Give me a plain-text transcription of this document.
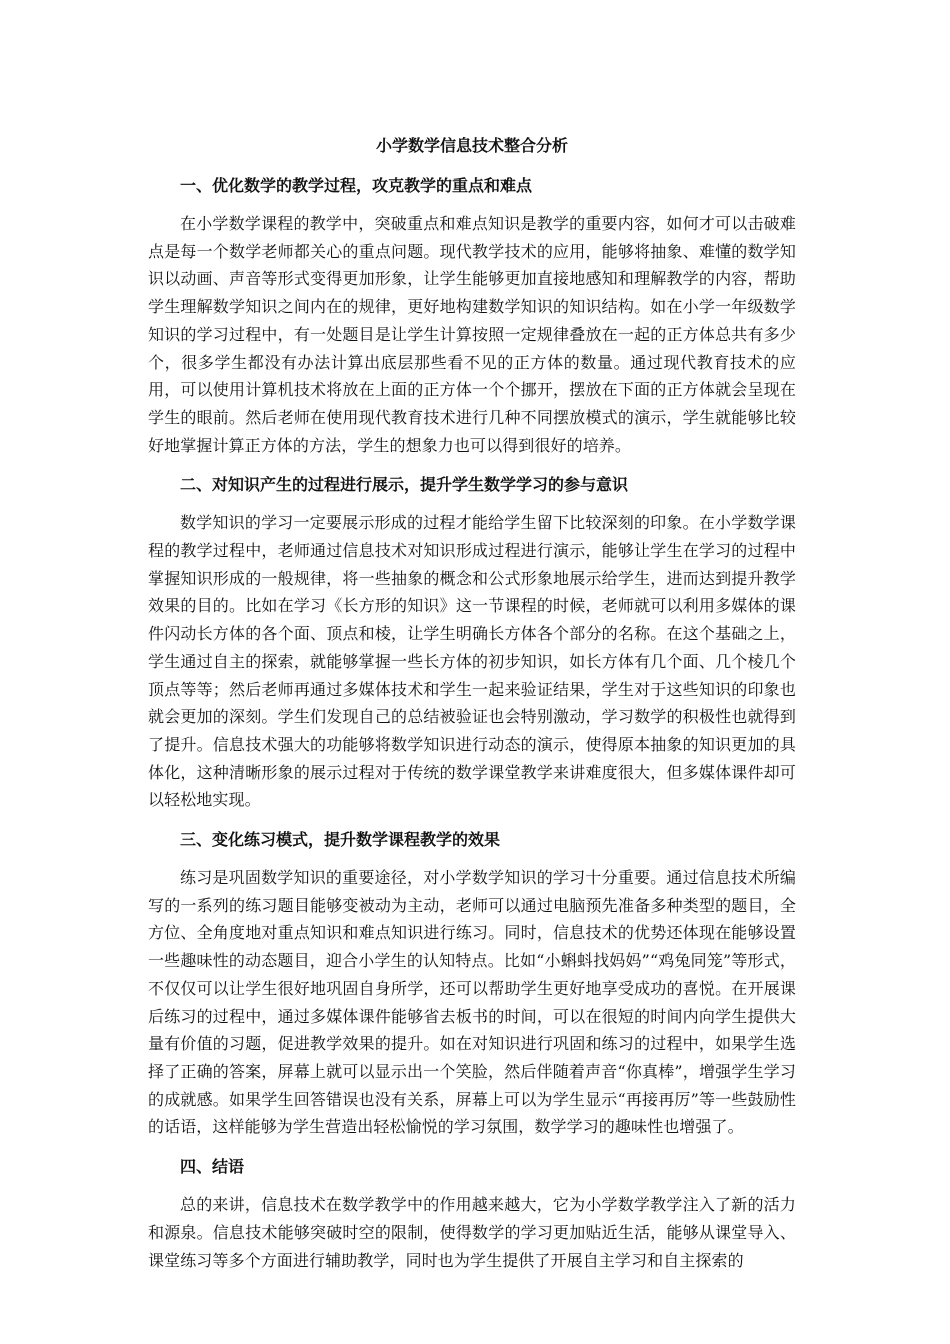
小学数学信息技术整合分析
一、优化数学的教学过程，攻克教学的重点和难点

在小学数学课程的教学中，突破重点和难点知识是教学的重要内容，如何才可以击破难点是每一个数学老师都关心的重点问题。现代教学技术的应用，能够将抽象、难懂的数学知识以动画、声音等形式变得更加形象，让学生能够更加直接地感知和理解教学的内容，帮助学生理解数学知识之间内在的规律，更好地构建数学知识的知识结构。如在小学一年级数学知识的学习过程中，有一处题目是让学生计算按照一定规律叠放在一起的正方体总共有多少个，很多学生都没有办法计算出底层那些看不见的正方体的数量。通过现代教育技术的应用，可以使用计算机技术将放在上面的正方体一个个挪开，摆放在下面的正方体就会呈现在学生的眼前。然后老师在使用现代教育技术进行几种不同摆放模式的演示，学生就能够比较好地掌握计算正方体的方法，学生的想象力也可以得到很好的培养。

二、对知识产生的过程进行展示，提升学生数学学习的参与意识

数学知识的学习一定要展示形成的过程才能给学生留下比较深刻的印象。在小学数学课程的教学过程中，老师通过信息技术对知识形成过程进行演示，能够让学生在学习的过程中掌握知识形成的一般规律，将一些抽象的概念和公式形象地展示给学生，进而达到提升教学效果的目的。比如在学习《长方形的知识》这一节课程的时候，老师就可以利用多媒体的课件闪动长方体的各个面、顶点和棱，让学生明确长方体各个部分的名称。在这个基础之上，学生通过自主的探索，就能够掌握一些长方体的初步知识，如长方体有几个面、几个棱几个顶点等等；然后老师再通过多媒体技术和学生一起来验证结果，学生对于这些知识的印象也就会更加的深刻。学生们发现自己的总结被验证也会特别激动，学习数学的积极性也就得到了提升。信息技术强大的功能够将数学知识进行动态的演示，使得原本抽象的知识更加的具体化，这种清晰形象的展示过程对于传统的数学课堂教学来讲难度很大，但多媒体课件却可以轻松地实现。

三、变化练习模式，提升数学课程教学的效果

练习是巩固数学知识的重要途径，对小学数学知识的学习十分重要。通过信息技术所编写的一系列的练习题目能够变被动为主动，老师可以通过电脑预先准备多种类型的题目，全方位、全角度地对重点知识和难点知识进行练习。同时，信息技术的优势还体现在能够设置一些趣味性的动态题目，迎合小学生的认知特点。比如“小蝌蚪找妈妈”“鸡兔同笼”等形式，不仅仅可以让学生很好地巩固自身所学，还可以帮助学生更好地享受成功的喜悦。在开展课后练习的过程中，通过多媒体课件能够省去板书的时间，可以在很短的时间内向学生提供大量有价值的习题，促进教学效果的提升。如在对知识进行巩固和练习的过程中，如果学生选择了正确的答案，屏幕上就可以显示出一个笑脸，然后伴随着声音“你真棒”，增强学生学习的成就感。如果学生回答错误也没有关系，屏幕上可以为学生显示“再接再厉”等一些鼓励性的话语，这样能够为学生营造出轻松愉悦的学习氛围，数学学习的趣味性也增强了。

四、结语

总的来讲，信息技术在数学教学中的作用越来越大，它为小学数学教学注入了新的活力和源泉。信息技术能够突破时空的限制，使得数学的学习更加贴近生活，能够从课堂导入、课堂练习等多个方面进行辅助教学，同时也为学生提供了开展自主学习和自主探索的
